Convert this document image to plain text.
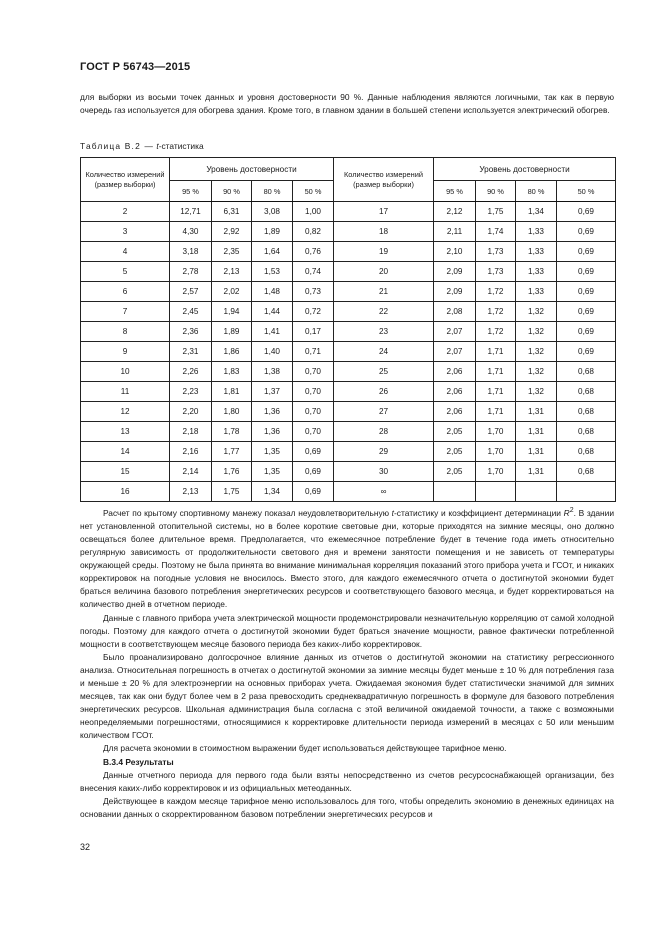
ГОСТ Р 56743—2015

для выборки из восьми точек данных и уровня достоверности 90 %. Данные наблюдения являются логичными, так как в первую очередь газ используется для обогрева здания. Кроме того, в главном здании в большей степени используется электрический обогрев.

Таблица В.2 — t-статистика
Количество измерений (размер выборки)	Уровень достоверности				Количество измерений (размер выборки)	Уровень достоверности			
	95 %	90 %	80 %	50 %		95 %	90 %	80 %	50 %
2	12,71	6,31	3,08	1,00	17	2,12	1,75	1,34	0,69
3	4,30	2,92	1,89	0,82	18	2,11	1,74	1,33	0,69
4	3,18	2,35	1,64	0,76	19	2,10	1,73	1,33	0,69
5	2,78	2,13	1,53	0,74	20	2,09	1,73	1,33	0,69
6	2,57	2,02	1,48	0,73	21	2,09	1,72	1,33	0,69
7	2,45	1,94	1,44	0,72	22	2,08	1,72	1,32	0,69
8	2,36	1,89	1,41	0,17	23	2,07	1,72	1,32	0,69
9	2,31	1,86	1,40	0,71	24	2,07	1,71	1,32	0,69
10	2,26	1,83	1,38	0,70	25	2,06	1,71	1,32	0,68
11	2,23	1,81	1,37	0,70	26	2,06	1,71	1,32	0,68
12	2,20	1,80	1,36	0,70	27	2,06	1,71	1,31	0,68
13	2,18	1,78	1,36	0,70	28	2,05	1,70	1,31	0,68
14	2,16	1,77	1,35	0,69	29	2,05	1,70	1,31	0,68
15	2,14	1,76	1,35	0,69	30	2,05	1,70	1,31	0,68
16	2,13	1,75	1,34	0,69	∞				

Расчет по крытому спортивному манежу показал неудовлетворительную t-статистику и коэффициент детерминации $R^2$. В здании нет установленной отопительной системы, но в более короткие световые дни, которые приходятся на зимние месяцы, оно должно освещаться более длительное время. Предполагается, что ежемесячное потребление будет в течение года иметь относительно регулярную зависимость от продолжительности светового дня и времени занятости помещения и не зависеть от температуры окружающей среды. Поэтому не была принята во внимание минимальная корреляция показаний этого прибора учета и ГСОт, и никаких корректировок на погодные условия не вносилось. Вместо этого, для каждого ежемесячного отчета о достигнутой экономии будет браться величина базового потребления энергетических ресурсов и соответствующего базового месяца, и будет корректироваться на количество дней в отчетном периоде.

Данные с главного прибора учета электрической мощности продемонстрировали незначительную корреляцию от самой холодной погоды. Поэтому для каждого отчета о достигнутой экономии будет браться значение мощности, равное фактически потребленной мощности в соответствующем месяце базового периода без каких-либо корректировок.

Было проанализировано долгосрочное влияние данных из отчетов о достигнутой экономии на статистику регрессионного анализа. Относительная погрешность в отчетах о достигнутой экономии за зимние месяцы будет меньше ± 10 % для потребления газа и меньше ± 20 % для электроэнергии на основных приборах учета. Ожидаемая экономия будет статистически значимой для зимних месяцев, так как они будут более чем в 2 раза превосходить среднеквадратичную погрешность в формуле для базового потребления энергетических ресурсов. Школьная администрация была согласна с этой величиной ожидаемой точности, а также с возможными неопределяемыми погрешностями, относящимися к корректировке длительности периода измерений в месяцах с 50 или меньшим количеством ГСОт.

Для расчета экономии в стоимостном выражении будет использоваться действующее тарифное меню.

В.3.4 Результаты

Данные отчетного периода для первого года были взяты непосредственно из счетов ресурсоснабжающей организации, без внесения каких-либо корректировок и из официальных метеоданных.

Действующее в каждом месяце тарифное меню использовалось для того, чтобы определить экономию в денежных единицах на основании данных о скорректированном базовом потреблении энергетических ресурсов и

32
